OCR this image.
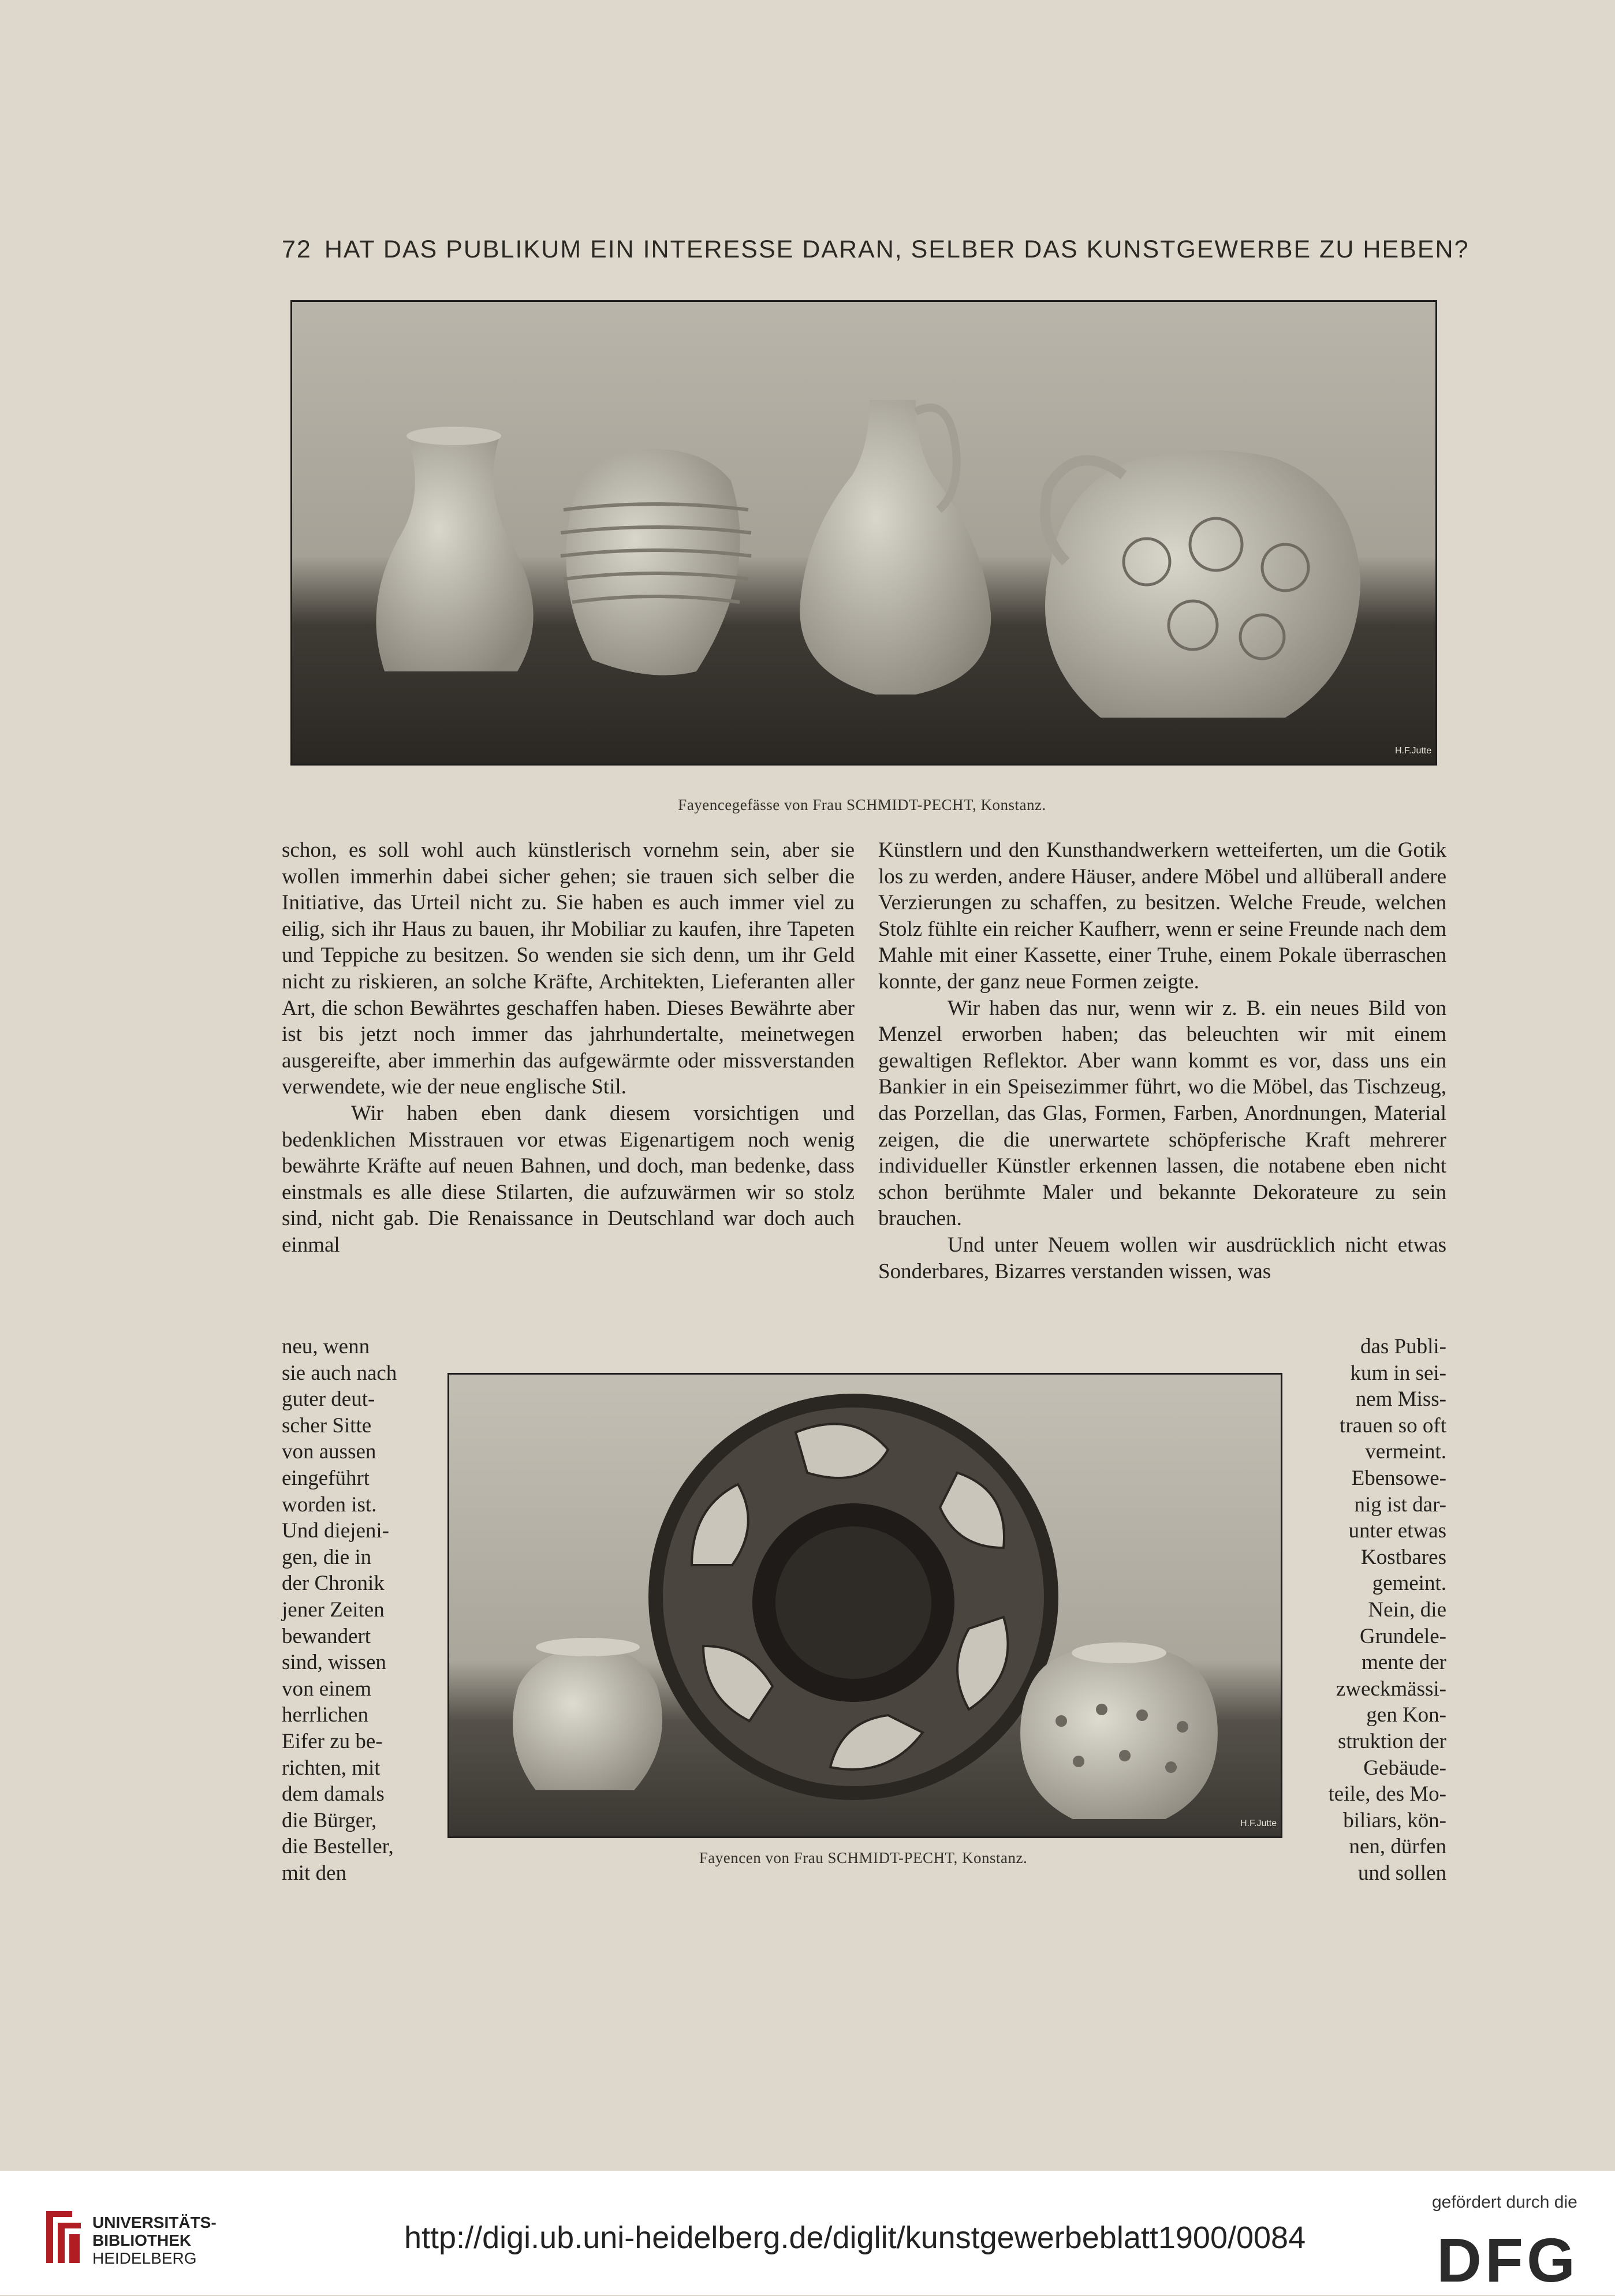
72 HAT DAS PUBLIKUM EIN INTERESSE DARAN, SELBER DAS KUNSTGEWERBE ZU HEBEN?
H.F.Jutte
Fayencegefässe von Frau SCHMIDT-PECHT, Konstanz.

schon, es soll wohl auch künstlerisch vornehm sein, aber sie wollen immerhin dabei sicher gehen; sie trauen sich selber die Initiative, das Urteil nicht zu. Sie haben es auch immer viel zu eilig, sich ihr Haus zu bauen, ihr Mobiliar zu kaufen, ihre Tapeten und Teppiche zu besitzen. So wenden sie sich denn, um ihr Geld nicht zu riskieren, an solche Kräfte, Architekten, Lieferanten aller Art, die schon Bewährtes geschaffen haben. Dieses Bewährte aber ist bis jetzt noch immer das jahrhundertalte, meinetwegen ausgereifte, aber immerhin das aufgewärmte oder missverstanden verwendete, wie der neue englische Stil.

Wir haben eben dank diesem vorsichtigen und bedenklichen Misstrauen vor etwas Eigenartigem noch wenig bewährte Kräfte auf neuen Bahnen, und doch, man bedenke, dass einstmals es alle diese Stilarten, die aufzuwärmen wir so stolz sind, nicht gab. Die Renaissance in Deutschland war doch auch einmal

Künstlern und den Kunsthandwerkern wetteiferten, um die Gotik los zu werden, andere Häuser, andere Möbel und allüberall andere Verzierungen zu schaffen, zu besitzen. Welche Freude, welchen Stolz fühlte ein reicher Kaufherr, wenn er seine Freunde nach dem Mahle mit einer Kassette, einer Truhe, einem Pokale überraschen konnte, der ganz neue Formen zeigte.

Wir haben das nur, wenn wir z. B. ein neues Bild von Menzel erworben haben; das beleuchten wir mit einem gewaltigen Reflektor. Aber wann kommt es vor, dass uns ein Bankier in ein Speisezimmer führt, wo die Möbel, das Tischzeug, das Porzellan, das Glas, Formen, Farben, Anordnungen, Material zeigen, die die unerwartete schöpferische Kraft mehrerer individueller Künstler erkennen lassen, die notabene eben nicht schon berühmte Maler und bekannte Dekorateure zu sein brauchen.

Und unter Neuem wollen wir ausdrücklich nicht etwas Sonderbares, Bizarres verstanden wissen, was

neu, wenn
sie auch nach
guter deut-
scher Sitte
von aussen
eingeführt
worden ist.
Und diejeni-
gen, die in
der Chronik
jener Zeiten
bewandert
sind, wissen
von einem
herrlichen
Eifer zu be-
richten, mit
dem damals
die Bürger,
die Besteller,
mit den
das Publi-
kum in sei-
nem Miss-
trauen so oft
vermeint.
Ebensowe-
nig ist dar-
unter etwas
Kostbares
gemeint.
Nein, die
Grundele-
mente der
zweckmässi-
gen Kon-
struktion der
Gebäude-
teile, des Mo-
biliars, kön-
nen, dürfen
und sollen
H.F.Jutte
Fayencen von Frau SCHMIDT-PECHT, Konstanz.
UNIVERSITÄTS-
BIBLIOTHEK
HEIDELBERG
http://digi.ub.uni-heidelberg.de/diglit/kunstgewerbeblatt1900/0084
gefördert durch die
DFG
